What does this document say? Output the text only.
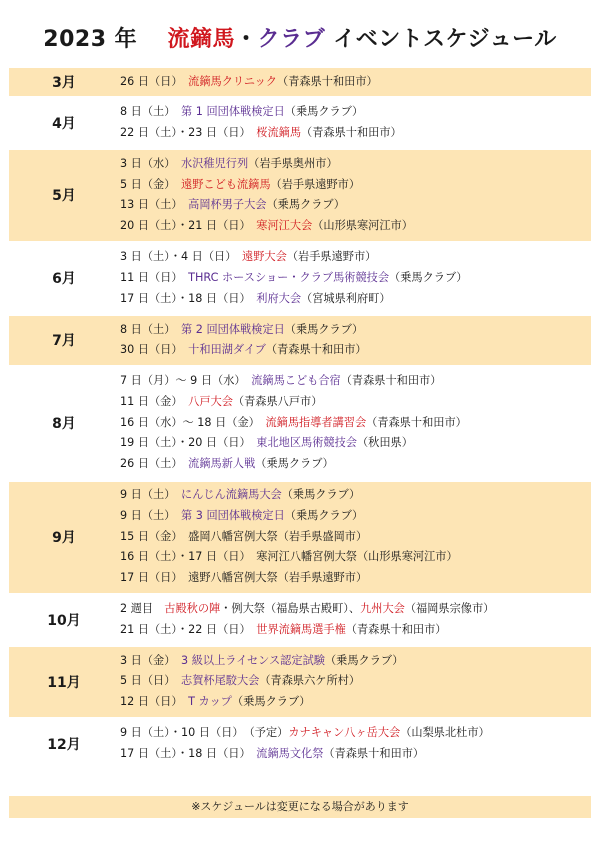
2023 年 流鏑馬・クラブ イベントスケジュール
3月	26 日（日）　 流鏑馬クリニック（青森県十和田市）
4月
8 日（土）　 第 1 回団体戦検定日（乗馬クラブ）
22 日（土）・23 日（日）　 桜流鏑馬（青森県十和田市）
5月
3 日（水）　 水沢稚児行列（岩手県奥州市）
5 日（金）　 遠野こども流鏑馬（岩手県遠野市）
13 日（土）　 高岡杯男子大会（乗馬クラブ）
20 日（土）・21 日（日）　 寒河江大会（山形県寒河江市）
6月
3 日（土）・4 日（日）　 遠野大会（岩手県遠野市）
11 日（日）　 THRC ホースショー・クラブ馬術競技会（乗馬クラブ）
17 日（土）・18 日（日）　 利府大会（宮城県利府町）
7月
8 日（土）　 第 2 回団体戦検定日（乗馬クラブ）
30 日（日）　 十和田湖ダイブ（青森県十和田市）
8月
7 日（月）～ 9 日（水）　 流鏑馬こども合宿（青森県十和田市）
11 日（金）　 八戸大会（青森県八戸市）
16 日（水）～ 18 日（金）　 流鏑馬指導者講習会（青森県十和田市）
19 日（土）・20 日（日）　 東北地区馬術競技会（秋田県）
26 日（土）　 流鏑馬新人戦（乗馬クラブ）
9月
9 日（土）　 にんじん流鏑馬大会（乗馬クラブ）
9 日（土）　 第 3 回団体戦検定日（乗馬クラブ）
15 日（金）　 盛岡八幡宮例大祭（岩手県盛岡市）
16 日（土）・17 日（日）　 寒河江八幡宮例大祭（山形県寒河江市）
17 日（日）　 遠野八幡宮例大祭（岩手県遠野市）
10月
2 週目　 古殿秋の陣・例大祭（福島県古殿町）、九州大会（福岡県宗像市）
21 日（土）・22 日（日）　 世界流鏑馬選手権（青森県十和田市）
11月
3 日（金）　 3 級以上ライセンス認定試験（乗馬クラブ）
5 日（日）　 志賀杯尾駮大会（青森県六ケ所村）
12 日（日）　 T カップ（乗馬クラブ）
12月
9 日（土）・10 日（日）　 （予定）カナキャン八ヶ岳大会（山梨県北杜市）
17 日（土）・18 日（日）　 流鏑馬文化祭（青森県十和田市）
※スケジュールは変更になる場合があります
